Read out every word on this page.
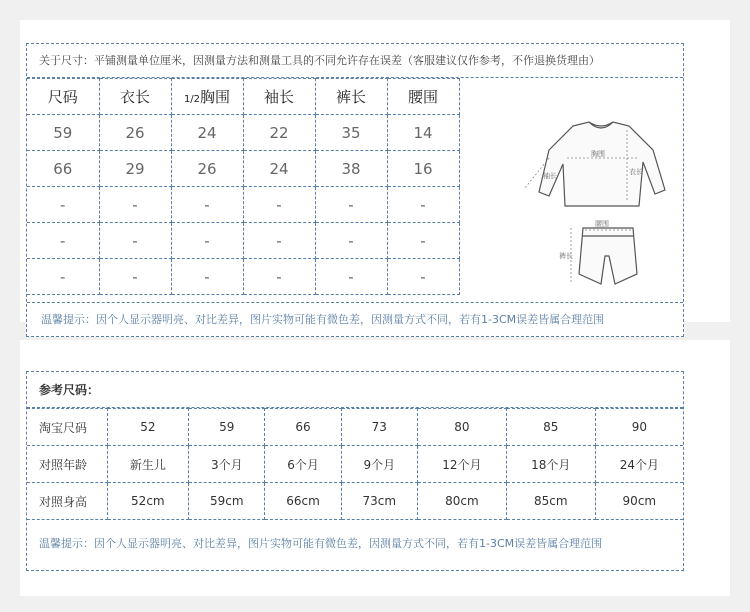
关于尺寸：平铺测量单位厘米，因测量方法和测量工具的不同允许存在误差（客服建议仅作参考，不作退换货理由）
尺码	衣长	1/2胸围	袖长	裤长	腰围
59	26	24	22	35	14
66	29	26	24	38	16
-	-	-	-	-	-
-	-	-	-	-	-
-	-	-	-	-	-
胸围
袖长	衣长
腰围
裤长
温馨提示：因个人显示器明亮、对比差异，图片实物可能有微色差，因测量方式不同，若有1-3CM误差皆属合理范围
参考尺码：
淘宝尺码	52	59	66	73	80	85	90
对照年龄	新生儿	3个月	6个月	9个月	12个月	18个月	24个月
对照身高	52cm	59cm	66cm	73cm	80cm	85cm	90cm
温馨提示：因个人显示器明亮、对比差异，图片实物可能有微色差，因测量方式不同，若有1-3CM误差皆属合理范围
